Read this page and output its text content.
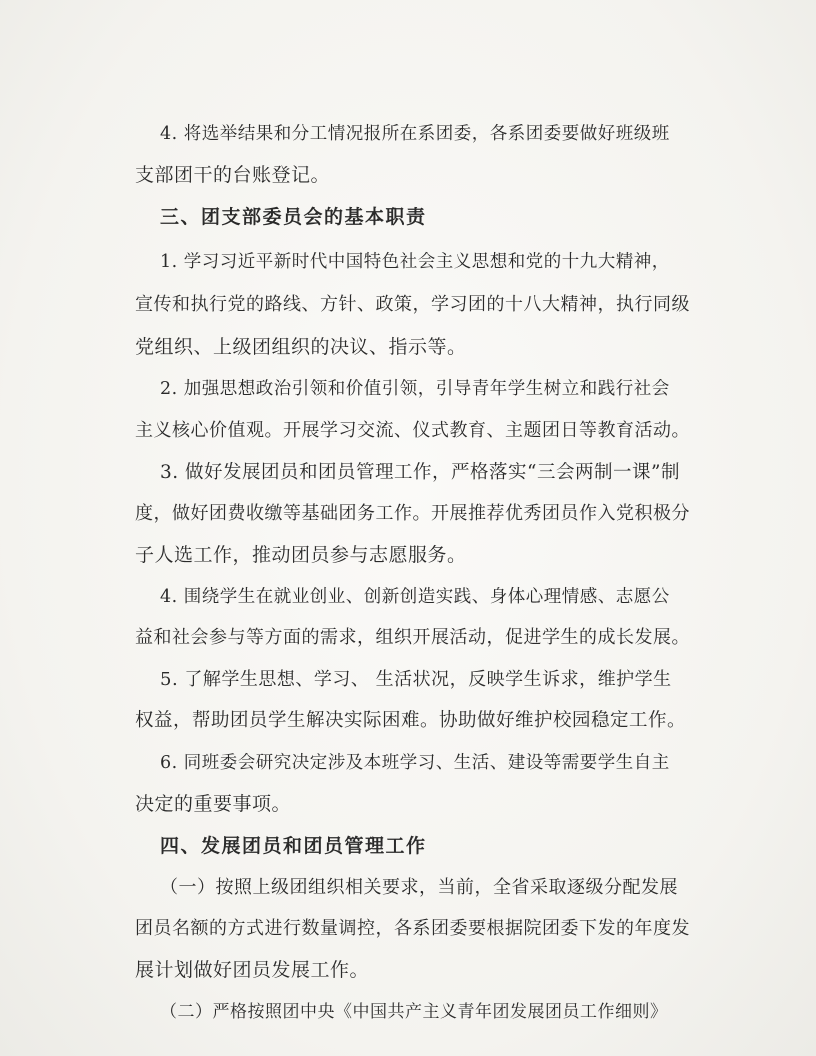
4. 将选举结果和分工情况报所在系团委，各系团委要做好班级班
支部团干的台账登记。
三、团支部委员会的基本职责
1. 学习习近平新时代中国特色社会主义思想和党的十九大精神，
宣传和执行党的路线、方针、政策，学习团的十八大精神，执行同级
党组织、上级团组织的决议、指示等。
2. 加强思想政治引领和价值引领，引导青年学生树立和践行社会
主义核心价值观。开展学习交流、仪式教育、主题团日等教育活动。
3. 做好发展团员和团员管理工作，严格落实“三会两制一课”制
度，做好团费收缴等基础团务工作。开展推荐优秀团员作入党积极分
子人选工作，推动团员参与志愿服务。
4. 围绕学生在就业创业、创新创造实践、身体心理情感、志愿公
益和社会参与等方面的需求，组织开展活动，促进学生的成长发展。
5. 了解学生思想、学习、 生活状况，反映学生诉求，维护学生
权益，帮助团员学生解决实际困难。协助做好维护校园稳定工作。
6. 同班委会研究决定涉及本班学习、生活、建设等需要学生自主
决定的重要事项。
四、发展团员和团员管理工作
（一）按照上级团组织相关要求，当前，全省采取逐级分配发展
团员名额的方式进行数量调控，各系团委要根据院团委下发的年度发
展计划做好团员发展工作。
（二）严格按照团中央《中国共产主义青年团发展团员工作细则》
